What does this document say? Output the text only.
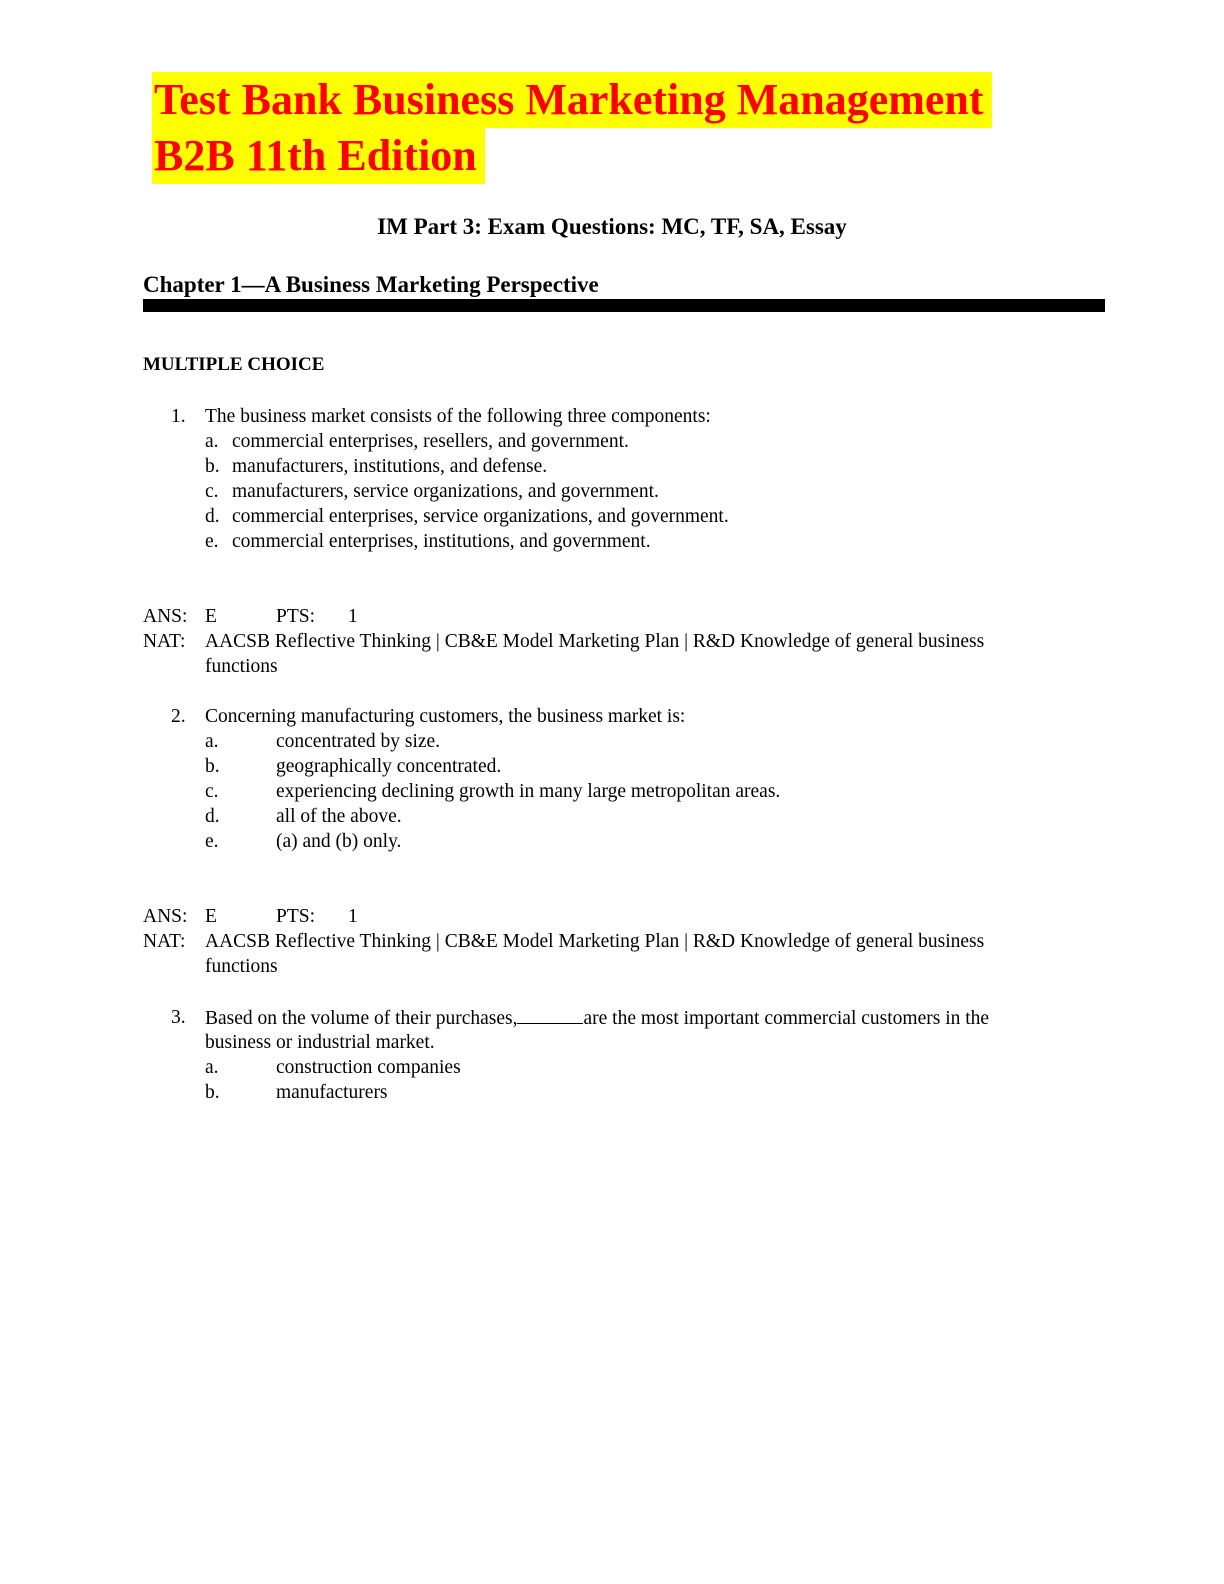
Test Bank Business Marketing Management
B2B 11th Edition
IM Part 3: Exam Questions: MC, TF, SA, Essay
Chapter 1—A Business Marketing Perspective
MULTIPLE CHOICE
1. The business market consists of the following three components:
a. commercial enterprises, resellers, and government.
b. manufacturers, institutions, and defense.
c. manufacturers, service organizations, and government.
d. commercial enterprises, service organizations, and government.
e. commercial enterprises, institutions, and government.
ANS: E	PTS: 1
NAT: AACSB Reflective Thinking | CB&E Model Marketing Plan | R&D Knowledge of general business
functions
2. Concerning manufacturing customers, the business market is:
a.	concentrated by size.
b.	geographically concentrated.
c.	experiencing declining growth in many large metropolitan areas.
d.	all of the above.
e.	(a) and (b) only.
ANS: E	PTS: 1
NAT: AACSB Reflective Thinking | CB&E Model Marketing Plan | R&D Knowledge of general business
functions
3. Based on the volume of their purchases,	are the most important commercial customers in the
business or industrial market.
a.	construction companies
b.	manufacturers
